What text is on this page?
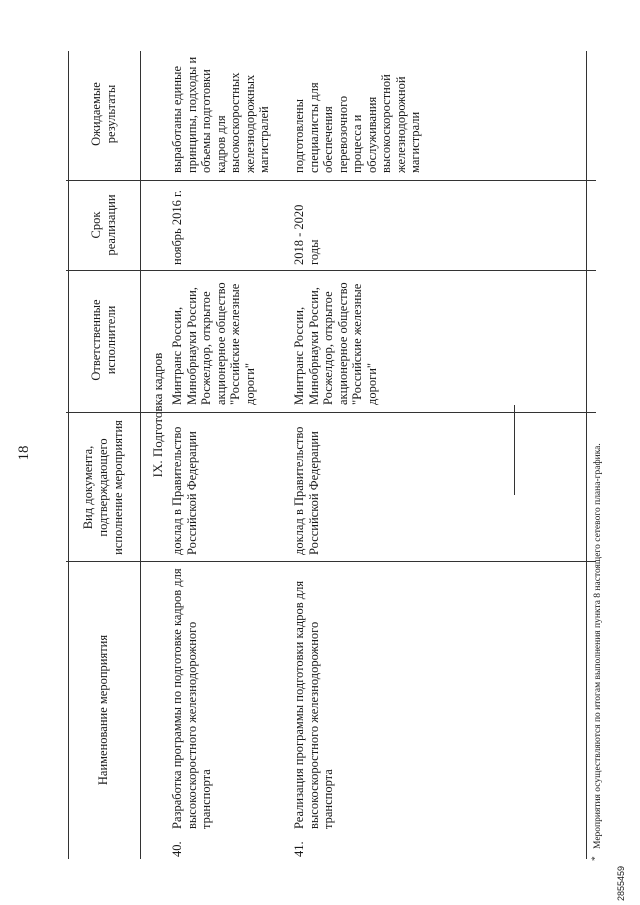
18
Наименование мероприятия
Вид документа, подтверждающего исполнение мероприятия
Ответственные исполнители
Срок реализации
Ожидаемые результаты
IX. Подготовка кадров
40.
Разработка программы по подготовке кадров для высокоскоростного железнодорожного транспорта
доклад в Правительство Российской Федерации
Минтранс России, Минобрнауки России, Росжелдор, открытое акционерное общество "Российские железные дороги"
ноябрь 2016 г.
выработаны единые принципы, подходы и объемы подготовки кадров для высокоскоростных железнодорожных магистралей
41.
Реализация программы подготовки кадров для высокоскоростного железнодорожного транспорта
доклад в Правительство Российской Федерации
Минтранс России, Минобрнауки России, Росжелдор, открытое акционерное общество "Российские железные дороги"
2018 - 2020 годы
подготовлены специалисты для обеспечения перевозочного процесса и обслуживания высокоскоростной железнодорожной магистрали
*
Мероприятия осуществляются по итогам выполнения пункта 8 настоящего сетевого плана-графика.
2855459
